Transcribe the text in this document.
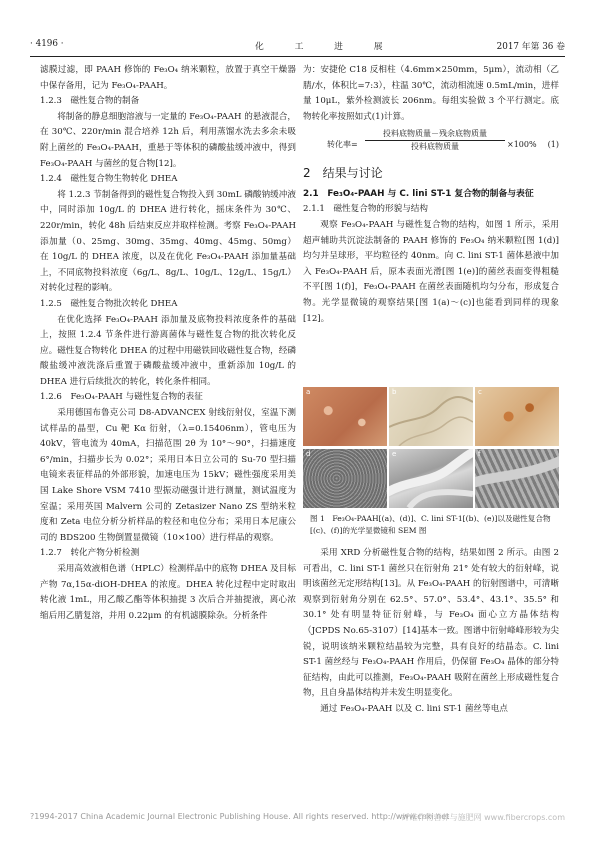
· 4196 ·	化 工 进 展	2017 年第 36 卷

滤膜过滤，即 PAAH 修饰的 Fe₃O₄ 纳米颗粒，放置于真空干燥器中保存备用，记为 Fe₃O₄-PAAH。

1.2.3　磁性复合物的制备

将制备的静息细胞溶液与一定量的 Fe₃O₄-PAAH 的悬液混合，在 30℃、220r/min 混合培养 12h 后，利用蒸馏水洗去多余未吸附上菌丝的 Fe₃O₄-PAAH，重悬于等体积的磷酸盐缓冲液中，得到 Fe₃O₄-PAAH 与菌丝的复合物[12]。

1.2.4　磁性复合物生物转化 DHEA

将 1.2.3 节制备得到的磁性复合物投入到 30mL 磷酸钠缓冲液中，同时添加 10g/L 的 DHEA 进行转化，摇床条件为 30℃、220r/min，转化 48h 后结束反应并取样检测。考察 Fe₃O₄-PAAH 添加量（0、25mg、30mg、35mg、40mg、45mg、50mg）在 10g/L 的 DHEA 浓度，以及在优化 Fe₃O₄-PAAH 添加量基础上，不同底物投料浓度（6g/L、8g/L、10g/L、12g/L、15g/L）对转化过程的影响。

1.2.5　磁性复合物批次转化 DHEA

在优化选择 Fe₃O₄-PAAH 添加量及底物投料浓度条件的基础上，按照 1.2.4 节条件进行游离菌体与磁性复合物的批次转化反应。磁性复合物转化 DHEA 的过程中用磁铁回收磁性复合物，经磷酸盐缓冲液洗涤后重置于磷酸盐缓冲液中，重新添加 10g/L 的 DHEA 进行后续批次的转化，转化条件相同。

1.2.6　Fe₃O₄-PAAH 与磁性复合物的表征

采用德国布鲁克公司 D8-ADVANCEX 射线衍射仪，室温下测试样品的晶型，Cu 靶 Kα 衍射，（λ=0.15406nm），管电压为 40kV，管电流为 40mA，扫描范围 2θ 为 10°～90°，扫描速度 6°/min，扫描步长为 0.02°；采用日本日立公司的 Su-70 型扫描电镜来表征样品的外部形貌，加速电压为 15kV；磁性强度采用美国 Lake Shore VSM 7410 型振动磁强计进行测量，测试温度为室温；采用英国 Malvern 公司的 Zetasizer Nano ZS 型纳米粒度和 Zeta 电位分析分析样品的粒径和电位分布；采用日本尼康公司的 BDS200 生物倒置显微镜（10×100）进行样品的观察。

1.2.7　转化产物分析检测

采用高效液相色谱（HPLC）检测样品中的底物 DHEA 及目标产物 7α,15α-diOH-DHEA 的浓度。DHEA 转化过程中定时取出转化液 1mL，用乙酸乙酯等体积抽提 3 次后合并抽提液，离心浓缩后用乙腈复溶，并用 0.22μm 的有机滤膜除杂。分析条件

为：安捷伦 C18 反相柱（4.6mm×250mm，5μm），流动相（乙腈/水，体积比=7:3），柱温 30℃，流动相流速 0.5mL/min，进样量 10μL，紫外检测波长 206nm。每组实验做 3 个平行测定。底物转化率按照如式(1)计算。

转化率=
投料底物质量－残余底物质量
投料底物质量	×100% (1)
2　结果与讨论

2.1　Fe₃O₄-PAAH 与 C. lini ST-1 复合物的制备与表征

2.1.1　磁性复合物的形貌与结构

观察 Fe₃O₄-PAAH 与磁性复合物的结构，如图 1 所示，采用超声辅助共沉淀法制备的 PAAH 修饰的 Fe₃O₄ 纳米颗粒[图 1(d)]均匀并呈球形，平均粒径约 40nm。向 C. lini ST-1 菌体悬液中加入 Fe₃O₄-PAAH 后，原本表面光滑[图 1(e)]的菌丝表面变得粗糙不平[图 1(f)]，Fe₃O₄-PAAH 在菌丝表面随机均匀分布，形成复合物。光学显微镜的观察结果[图 1(a)～(c)]也能看到同样的现象[12]。

a	b	c
d	e	f
图 1　Fe₃O₄-PAAH[(a)、(d)]、C. lini ST-1[(b)、(e)]以及磁性复合物[(c)、(f)]的光学显微镜和 SEM 图

采用 XRD 分析磁性复合物的结构，结果如图 2 所示。由图 2 可看出，C. lini ST-1 菌丝只在衍射角 21° 处有较大的衍射峰，说明该菌丝无定形结构[13]。从 Fe₃O₄-PAAH 的衍射图谱中，可清晰观察到衍射角分别在 62.5°、57.0°、53.4°、43.1°、35.5° 和 30.1° 处有明显特征衍射峰，与 Fe₃O₄ 面心立方晶体结构（JCPDS No.65-3107）[14]基本一致。图谱中衍射峰峰形较为尖锐，说明该纳米颗粒结晶较为完整，具有良好的结晶态。C. lini ST-1 菌丝经与 Fe₃O₄-PAAH 作用后，仍保留 Fe₃O₄ 晶体的部分特征结构，由此可以推测，Fe₃O₄-PAAH 吸附在菌丝上形成磁性复合物，且自身晶体结构并未发生明显变化。

通过 Fe₃O₄-PAAH 以及 C. lini ST-1 菌丝等电点

?1994-2017 China Academic Journal Electronic Publishing House. All rights reserved. http://www.cnki.net
纤维作物营养与施肥网 www.fibercrops.com
